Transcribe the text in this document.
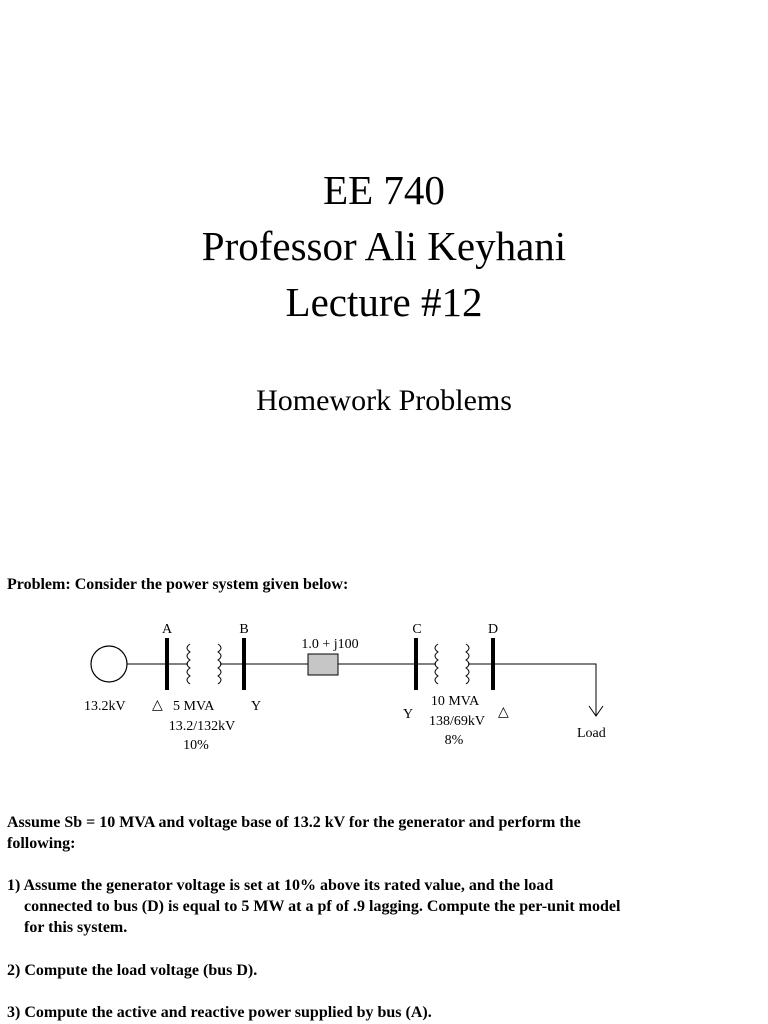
EE 740
Professor Ali Keyhani
Lecture #12
Homework Problems
Problem: Consider the power system given below:
A	B	C	D
1.0 + j100
13.2kV △ 5 MVA	Y
13.2/132kV
10%
Y
10 MVA
138/69kV
△
8%	Load
Assume Sb = 10 MVA and voltage base of 13.2 kV for the generator and perform the
following:
1) Assume the generator voltage is set at 10% above its rated value, and the load
connected to bus (D) is equal to 5 MW at a pf of .9 lagging. Compute the per-unit model
for this system.
2) Compute the load voltage (bus D).
3) Compute the active and reactive power supplied by bus (A).
